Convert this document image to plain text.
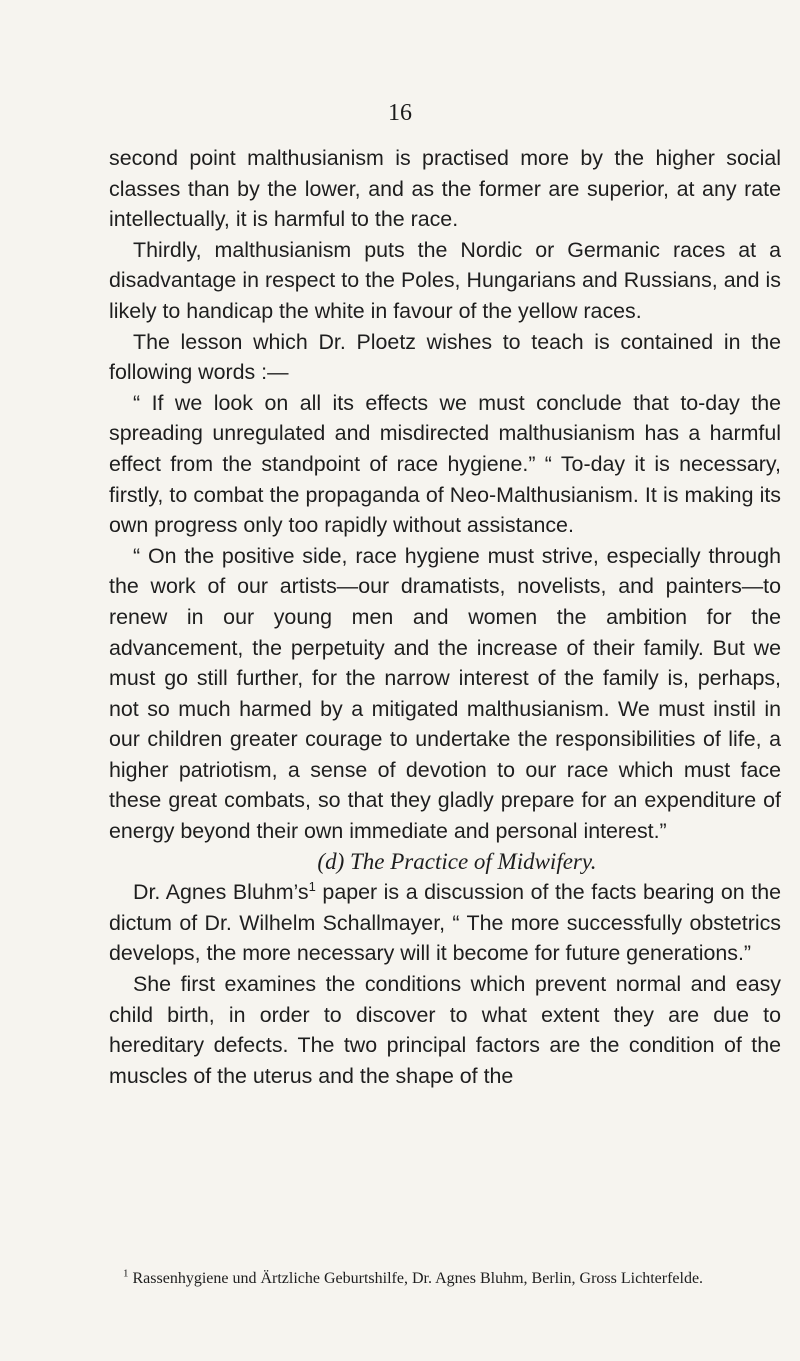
16

second point malthusianism is practised more by the higher social classes than by the lower, and as the former are superior, at any rate intellectually, it is harmful to the race.

Thirdly, malthusianism puts the Nordic or Germanic races at a disadvantage in respect to the Poles, Hungarians and Russians, and is likely to handicap the white in favour of the yellow races.

The lesson which Dr. Ploetz wishes to teach is contained in the following words :—

“ If we look on all its effects we must conclude that to-day the spreading unregulated and misdirected malthusianism has a harmful effect from the standpoint of race hygiene.” “ To-day it is necessary, firstly, to combat the propaganda of Neo-Malthusianism. It is making its own progress only too rapidly without assistance.

“ On the positive side, race hygiene must strive, especially through the work of our artists—our dramatists, novelists, and painters—to renew in our young men and women the ambition for the advancement, the perpetuity and the increase of their family. But we must go still further, for the narrow interest of the family is, perhaps, not so much harmed by a mitigated malthusianism. We must instil in our children greater courage to undertake the responsibilities of life, a higher patriotism, a sense of devotion to our race which must face these great combats, so that they gladly prepare for an expenditure of energy beyond their own immediate and personal interest.”

(d) The Practice of Midwifery.

Dr. Agnes Bluhm’s$^1$ paper is a discussion of the facts bearing on the dictum of Dr. Wilhelm Schallmayer, “ The more successfully obstetrics develops, the more necessary will it become for future generations.”

She first examines the conditions which prevent normal and easy child birth, in order to discover to what extent they are due to hereditary defects. The two principal factors are the condition of the muscles of the uterus and the shape of the

$^1$ Rassenhygiene und Ärtzliche Geburtshilfe, Dr. Agnes Bluhm, Berlin, Gross Lichterfelde.
